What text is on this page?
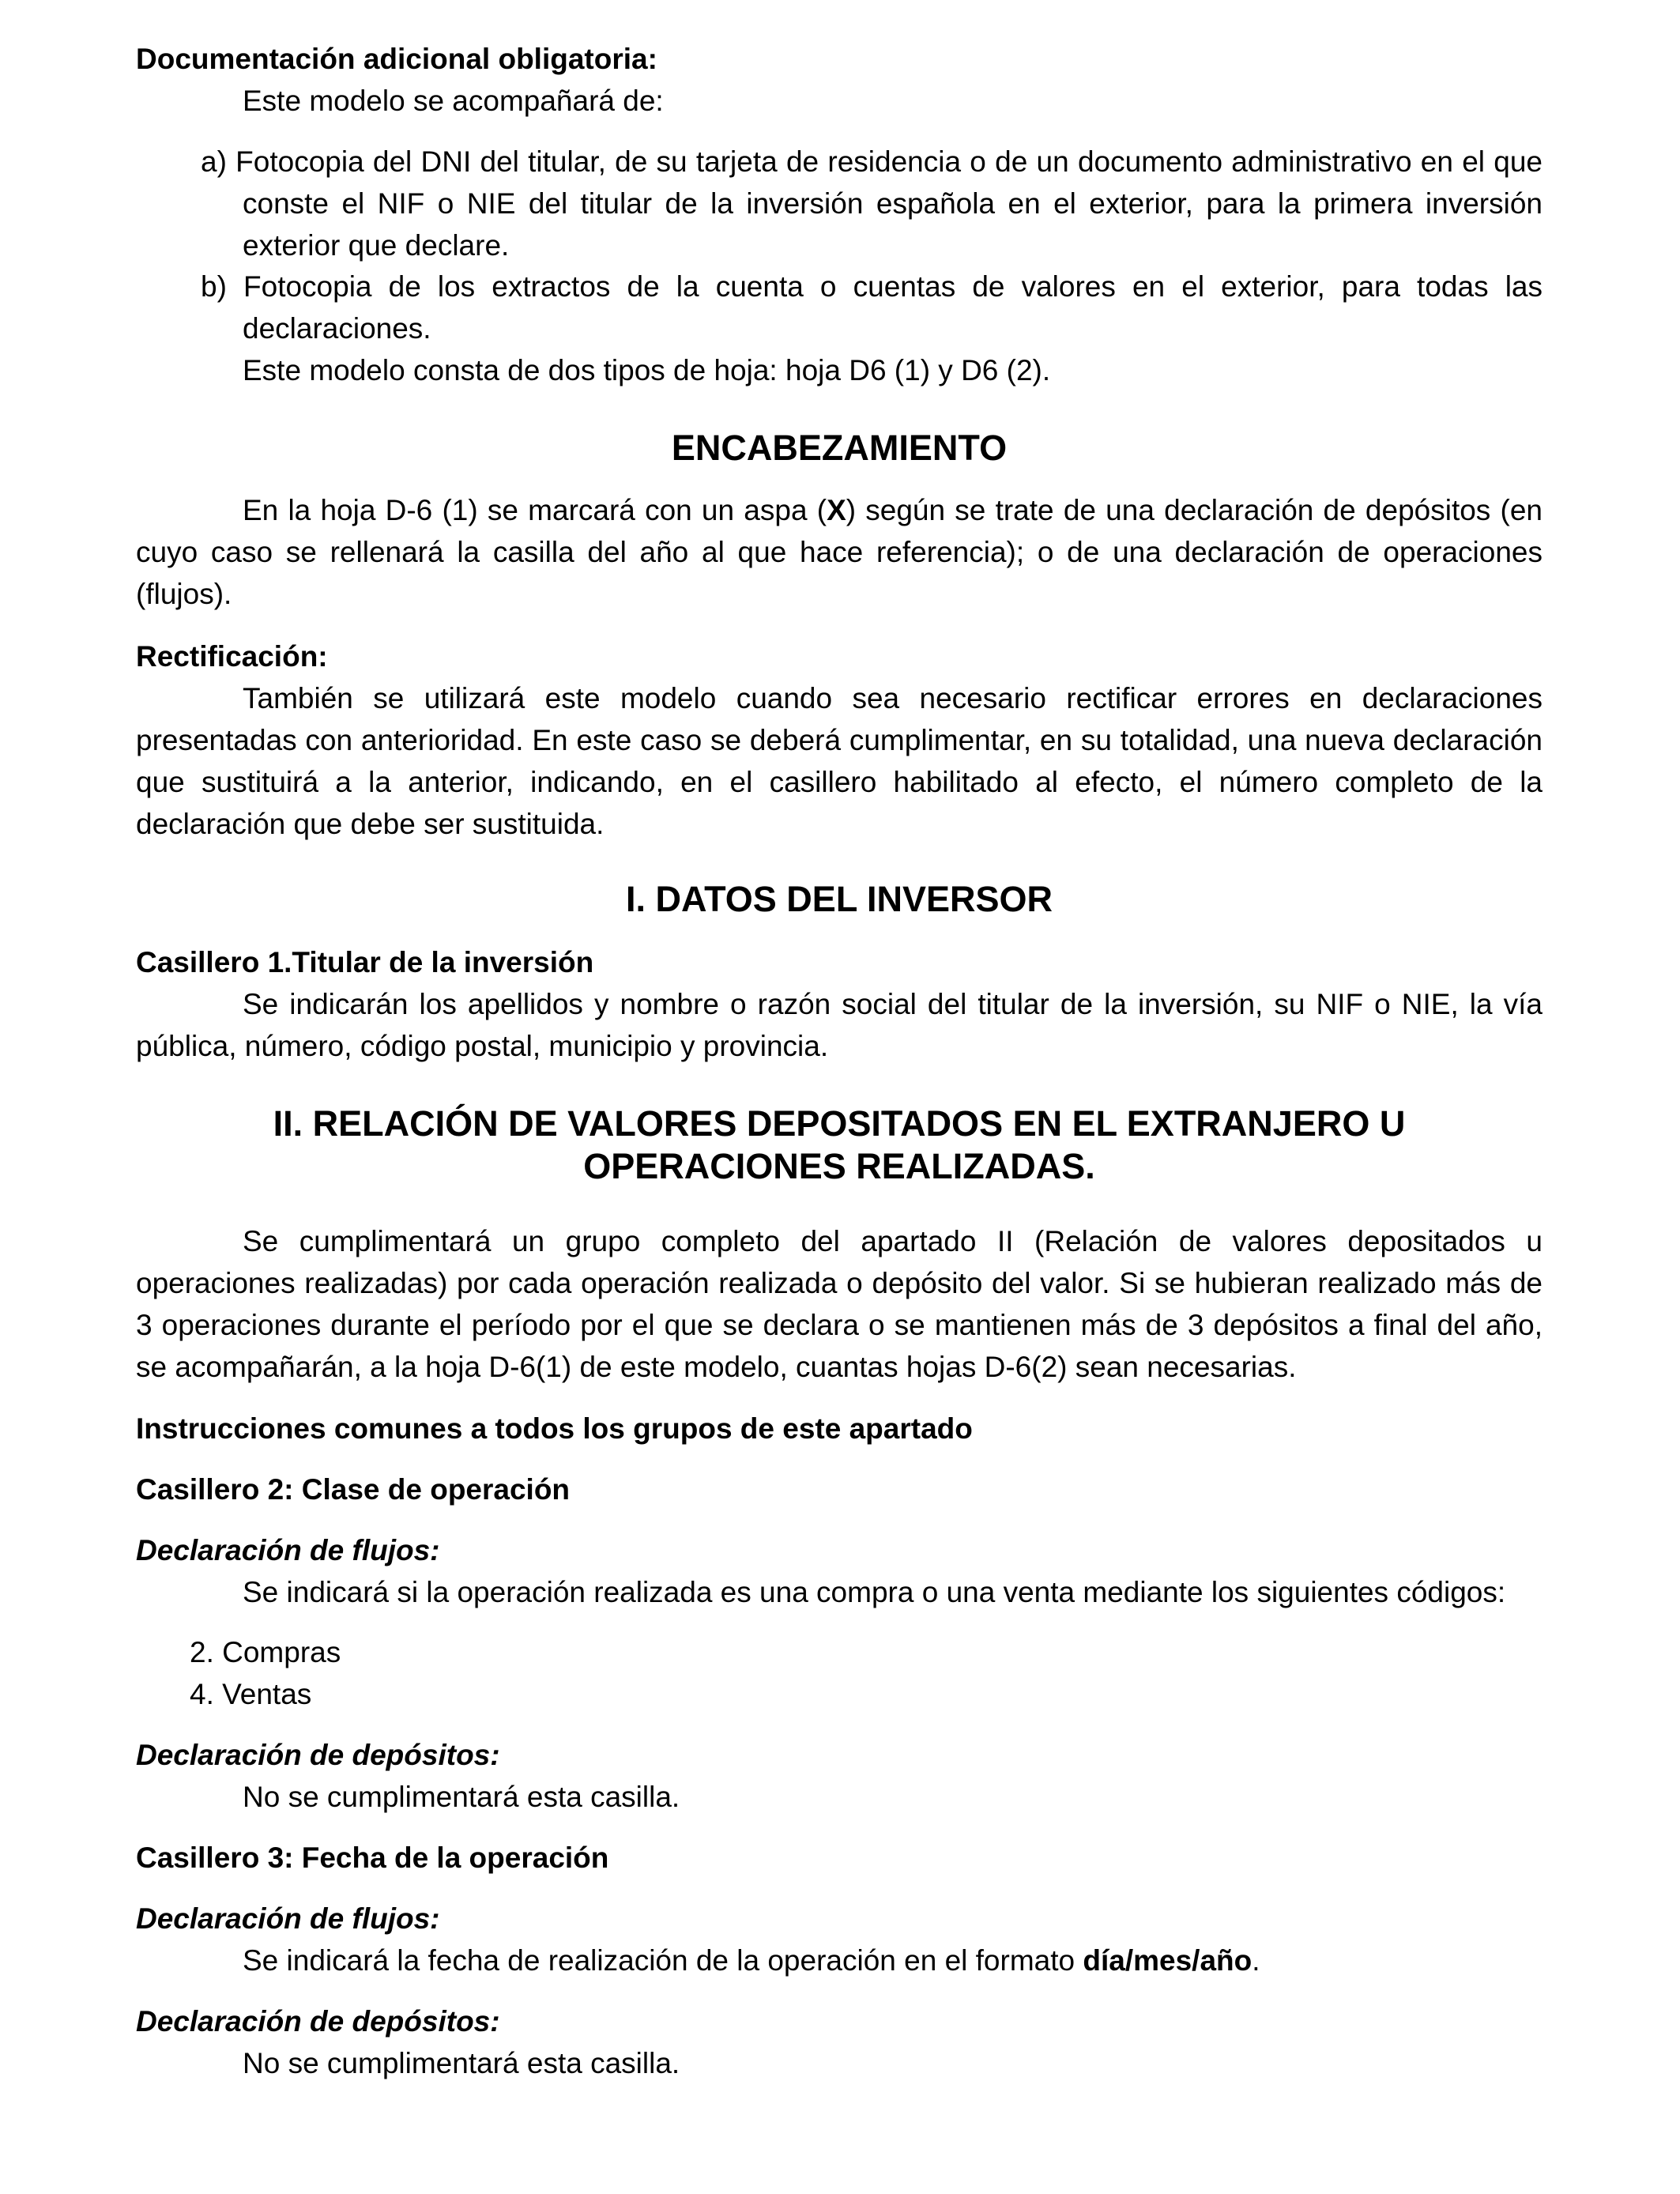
Documentación adicional obligatoria:

Este modelo se acompañará de:

a) Fotocopia del DNI del titular, de su tarjeta de residencia o de un documento administrativo en el que conste el NIF o NIE del titular de la inversión española en el exterior, para la primera inversión exterior que declare.

b) Fotocopia de los extractos de la cuenta o cuentas de valores en el exterior, para todas las declaraciones.

Este modelo consta de dos tipos de hoja: hoja D6 (1) y D6 (2).

ENCABEZAMIENTO

En la hoja D-6 (1) se marcará con un aspa (X) según se trate de una declaración de depósitos (en cuyo caso se rellenará la casilla del año al que hace referencia); o de una declaración de operaciones (flujos).

Rectificación:

También se utilizará este modelo cuando sea necesario rectificar errores en declaraciones presentadas con anterioridad. En este caso se deberá cumplimentar, en su totalidad, una nueva declaración que sustituirá a la anterior, indicando, en el casillero habilitado al efecto, el número completo de la declaración que debe ser sustituida.

I. DATOS DEL INVERSOR

Casillero 1.Titular de la inversión

Se indicarán los apellidos y nombre o razón social del titular de la inversión, su NIF o NIE, la vía pública, número, código postal, municipio y provincia.

II. RELACIÓN DE VALORES DEPOSITADOS EN EL EXTRANJERO U

OPERACIONES REALIZADAS.

Se cumplimentará un grupo completo del apartado II (Relación de valores depositados u operaciones realizadas) por cada operación realizada o depósito del valor. Si se hubieran realizado más de 3 operaciones durante el período por el que se declara o se mantienen más de 3 depósitos a final del año, se acompañarán, a la hoja D-6(1) de este modelo, cuantas hojas D-6(2) sean necesarias.

Instrucciones comunes a todos los grupos de este apartado

Casillero 2: Clase de operación

Declaración de flujos:

Se indicará si la operación realizada es una compra o una venta mediante los siguientes códigos:

2. Compras

4. Ventas

Declaración de depósitos:

No se cumplimentará esta casilla.

Casillero 3: Fecha de la operación

Declaración de flujos:

Se indicará la fecha de realización de la operación en el formato día/mes/año.

Declaración de depósitos:

No se cumplimentará esta casilla.
